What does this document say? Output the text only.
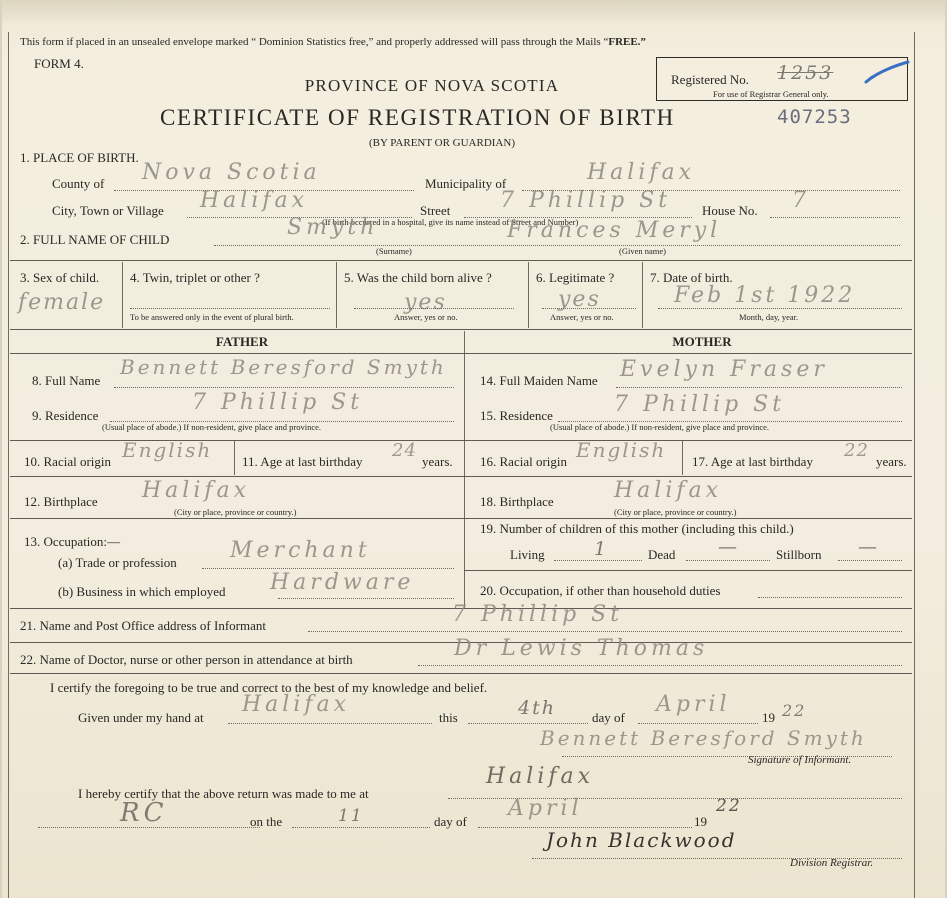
This form if placed in an unsealed envelope marked “ Dominion Statistics free,” and properly addressed will pass through the Mails “FREE.”
FORM 4.
Registered No. 1253
For use of Registrar General only.
PROVINCE OF NOVA SCOTIA
CERTIFICATE OF REGISTRATION OF BIRTH	407253
(BY PARENT OR GUARDIAN)
1. PLACE OF BIRTH.
County of Nova Scotia	Municipality of	Halifax
City, Town or Village Halifax	Street 7 Phillip St
(If birth occurred in a hospital, give its name instead of Street and Number)
House No. 7
2. FULL NAME OF CHILD	Smyth	Frances Meryl
(Surname)	(Given name)
3. Sex of child.
female
4. Twin, triplet or other ?
To be answered only in the event of plural birth.
5. Was the child born alive ?
yes
Answer, yes or no.
6. Legitimate ?
yes
Answer, yes or no.
7. Date of birth.
Feb 1st 1922
Month, day, year.
FATHER	MOTHER
8. Full Name
Bennett Beresford Smyth
9. Residence
7 Phillip St
(Usual place of abode.) If non-resident, give place and province.
10. Racial origin English 11. Age at last birthday
24
years.
12. Birthplace Halifax
(City or place, province or country.)
13. Occupation:—
(a) Trade or profession Merchant
(b) Business in which employed Hardware
14. Full Maiden Name Evelyn Fraser
15. Residence	7 Phillip St
(Usual place of abode.) If non-resident, give place and province.
16. Racial origin English 17. Age at last birthday
22
years.
18. Birthplace	Halifax
(City or place, province or country.)
19. Number of children of this mother (including this child.)
Living	1	Dead —	Stillborn —
20. Occupation, if other than household duties
21. Name and Post Office address of Informant	7 Phillip St
22. Name of Doctor, nurse or other person in attendance at birth	Dr Lewis Thomas
I certify the foregoing to be true and correct to the best of my knowledge and belief.
Given under my hand at
Halifax
this	4th	day of
April
19 22
Bennett Beresford Smyth
Signature of Informant.
I hereby certify that the above return was made to me at
Halifax
RC	on the	11	day of
April
19
22
John Blackwood
Division Registrar.
